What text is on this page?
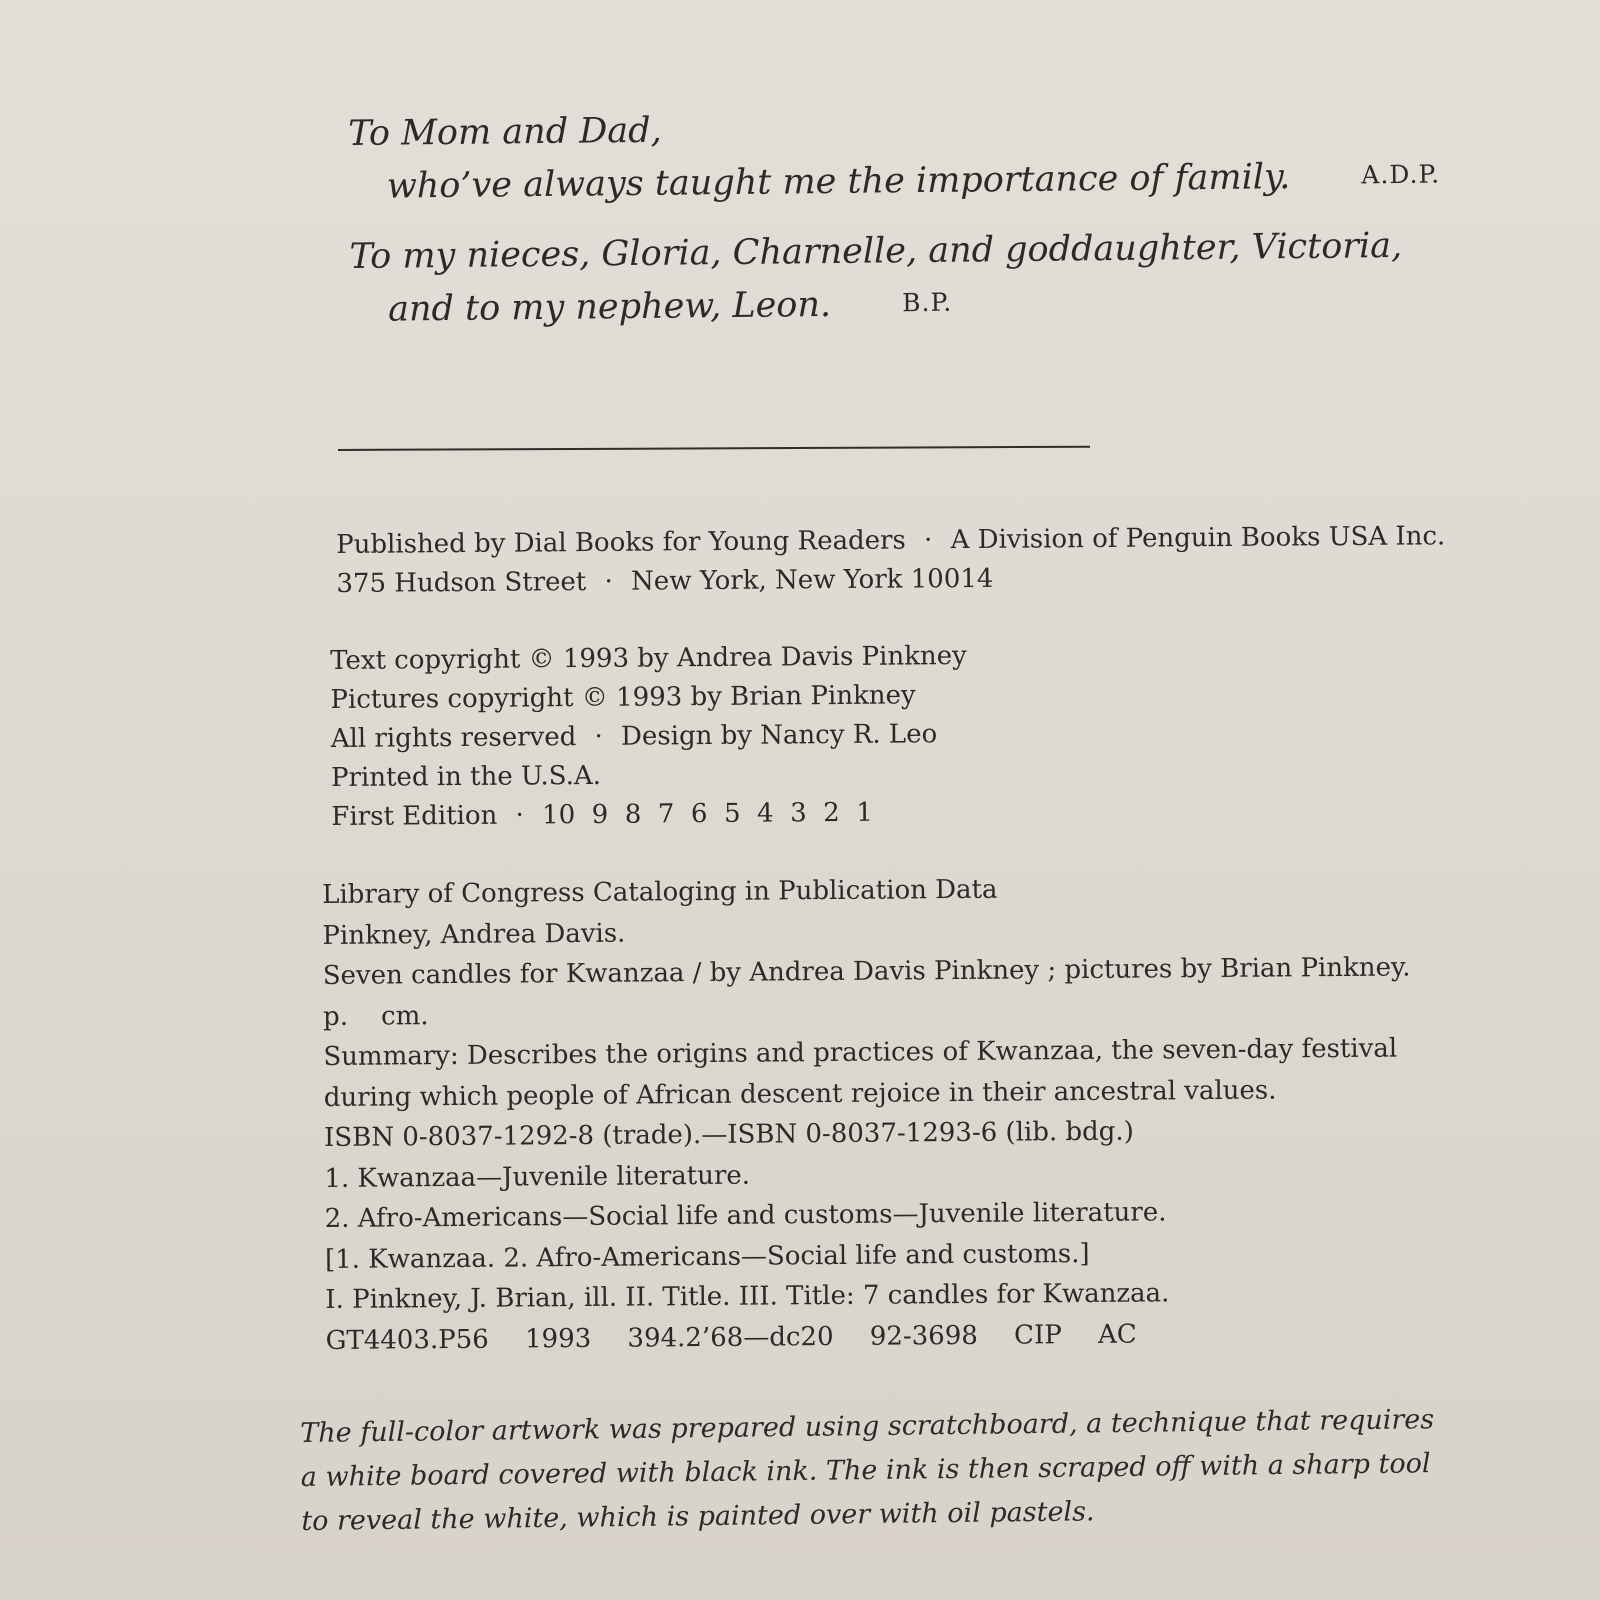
To Mom and Dad,
who’ve always taught me the importance of family.	A.D.P.
To my nieces, Gloria, Charnelle, and goddaughter, Victoria,
and to my nephew, Leon.	B.P.
Published by Dial Books for Young Readers · A Division of Penguin Books USA Inc.
375 Hudson Street · New York, New York 10014
Text copyright © 1993 by Andrea Davis Pinkney
Pictures copyright © 1993 by Brian Pinkney
All rights reserved · Design by Nancy R. Leo
Printed in the U.S.A.
First Edition · 10  9  8  7  6  5  4  3  2  1
Library of Congress Cataloging in Publication Data
Pinkney, Andrea Davis.
Seven candles for Kwanzaa / by Andrea Davis Pinkney ; pictures by Brian Pinkney.
p.    cm.
Summary: Describes the origins and practices of Kwanzaa, the seven-day festival
during which people of African descent rejoice in their ancestral values.
ISBN 0-8037-1292-8 (trade).—ISBN 0-8037-1293-6 (lib. bdg.)
1. Kwanzaa—Juvenile literature.
2. Afro-Americans—Social life and customs—Juvenile literature.
[1. Kwanzaa. 2. Afro-Americans—Social life and customs.]
I. Pinkney, J. Brian, ill. II. Title. III. Title: 7 candles for Kwanzaa.
GT4403.P56 1993 394.2’68—dc20 92-3698 CIP AC
The full-color artwork was prepared using scratchboard, a technique that requires
a white board covered with black ink. The ink is then scraped off with a sharp tool
to reveal the white, which is painted over with oil pastels.
